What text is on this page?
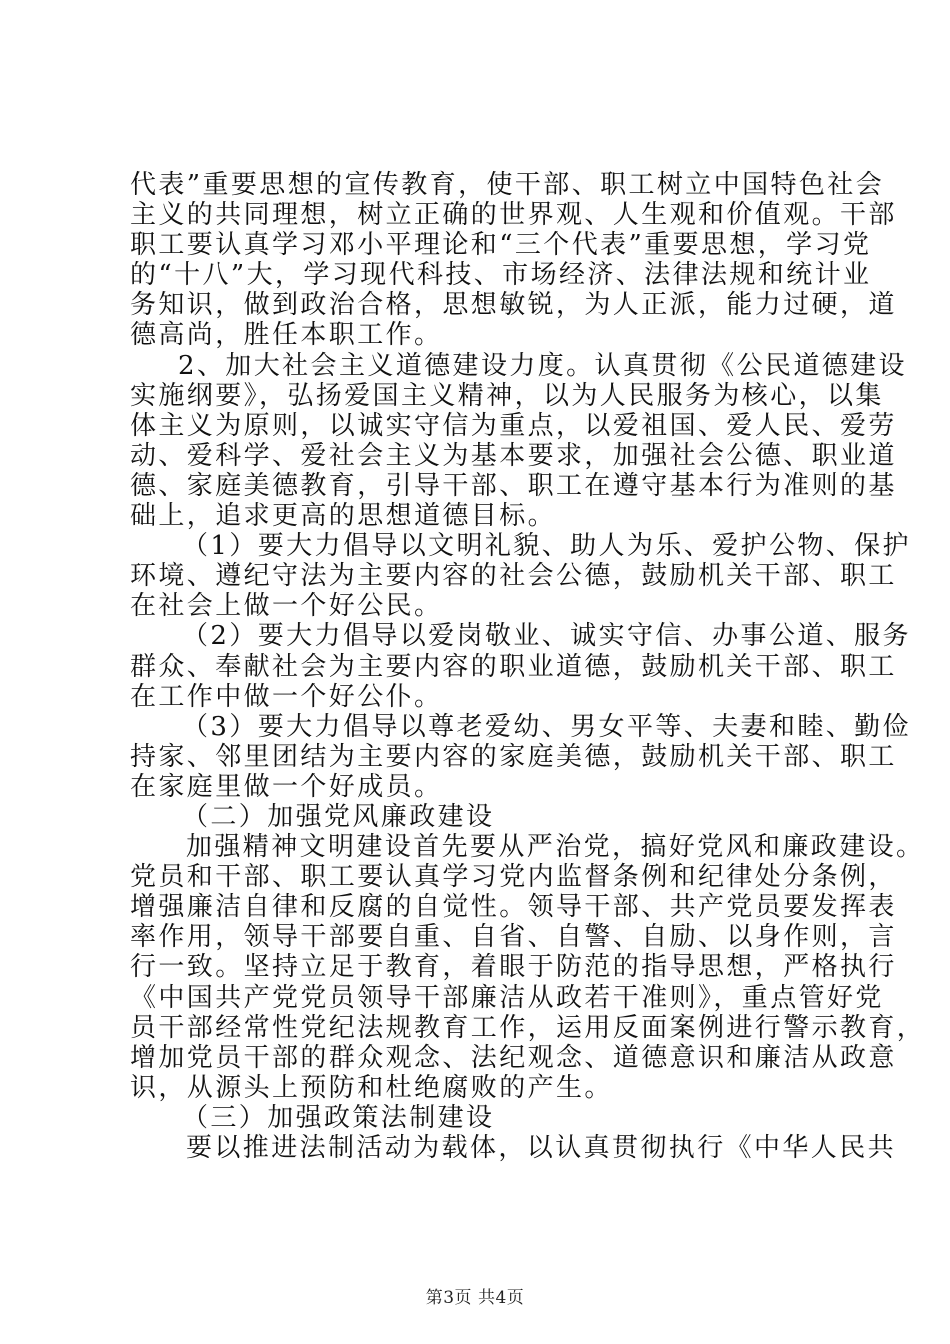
代表”重要思想的宣传教育，使干部、职工树立中国特色社会
主义的共同理想，树立正确的世界观、人生观和价值观。干部
职工要认真学习邓小平理论和“三个代表”重要思想，学习党
的“十八”大，学习现代科技、市场经济、法律法规和统计业
务知识，做到政治合格，思想敏锐，为人正派，能力过硬，道
德高尚，胜任本职工作。
2、加大社会主义道德建设力度。认真贯彻《公民道德建设
实施纲要》，弘扬爱国主义精神，以为人民服务为核心，以集
体主义为原则，以诚实守信为重点，以爱祖国、爱人民、爱劳
动、爱科学、爱社会主义为基本要求，加强社会公德、职业道
德、家庭美德教育，引导干部、职工在遵守基本行为准则的基
础上，追求更高的思想道德目标。
（1）要大力倡导以文明礼貌、助人为乐、爱护公物、保护
环境、遵纪守法为主要内容的社会公德，鼓励机关干部、职工
在社会上做一个好公民。
（2）要大力倡导以爱岗敬业、诚实守信、办事公道、服务
群众、奉献社会为主要内容的职业道德，鼓励机关干部、职工
在工作中做一个好公仆。
（3）要大力倡导以尊老爱幼、男女平等、夫妻和睦、勤俭
持家、邻里团结为主要内容的家庭美德，鼓励机关干部、职工
在家庭里做一个好成员。
（二）加强党风廉政建设
加强精神文明建设首先要从严治党，搞好党风和廉政建设。
党员和干部、职工要认真学习党内监督条例和纪律处分条例，
增强廉洁自律和反腐的自觉性。领导干部、共产党员要发挥表
率作用，领导干部要自重、自省、自警、自励、以身作则，言
行一致。坚持立足于教育，着眼于防范的指导思想，严格执行
《中国共产党党员领导干部廉洁从政若干准则》，重点管好党
员干部经常性党纪法规教育工作，运用反面案例进行警示教育，
增加党员干部的群众观念、法纪观念、道德意识和廉洁从政意
识，从源头上预防和杜绝腐败的产生。
（三）加强政策法制建设
要以推进法制活动为载体，以认真贯彻执行《中华人民共
第3页 共4页
